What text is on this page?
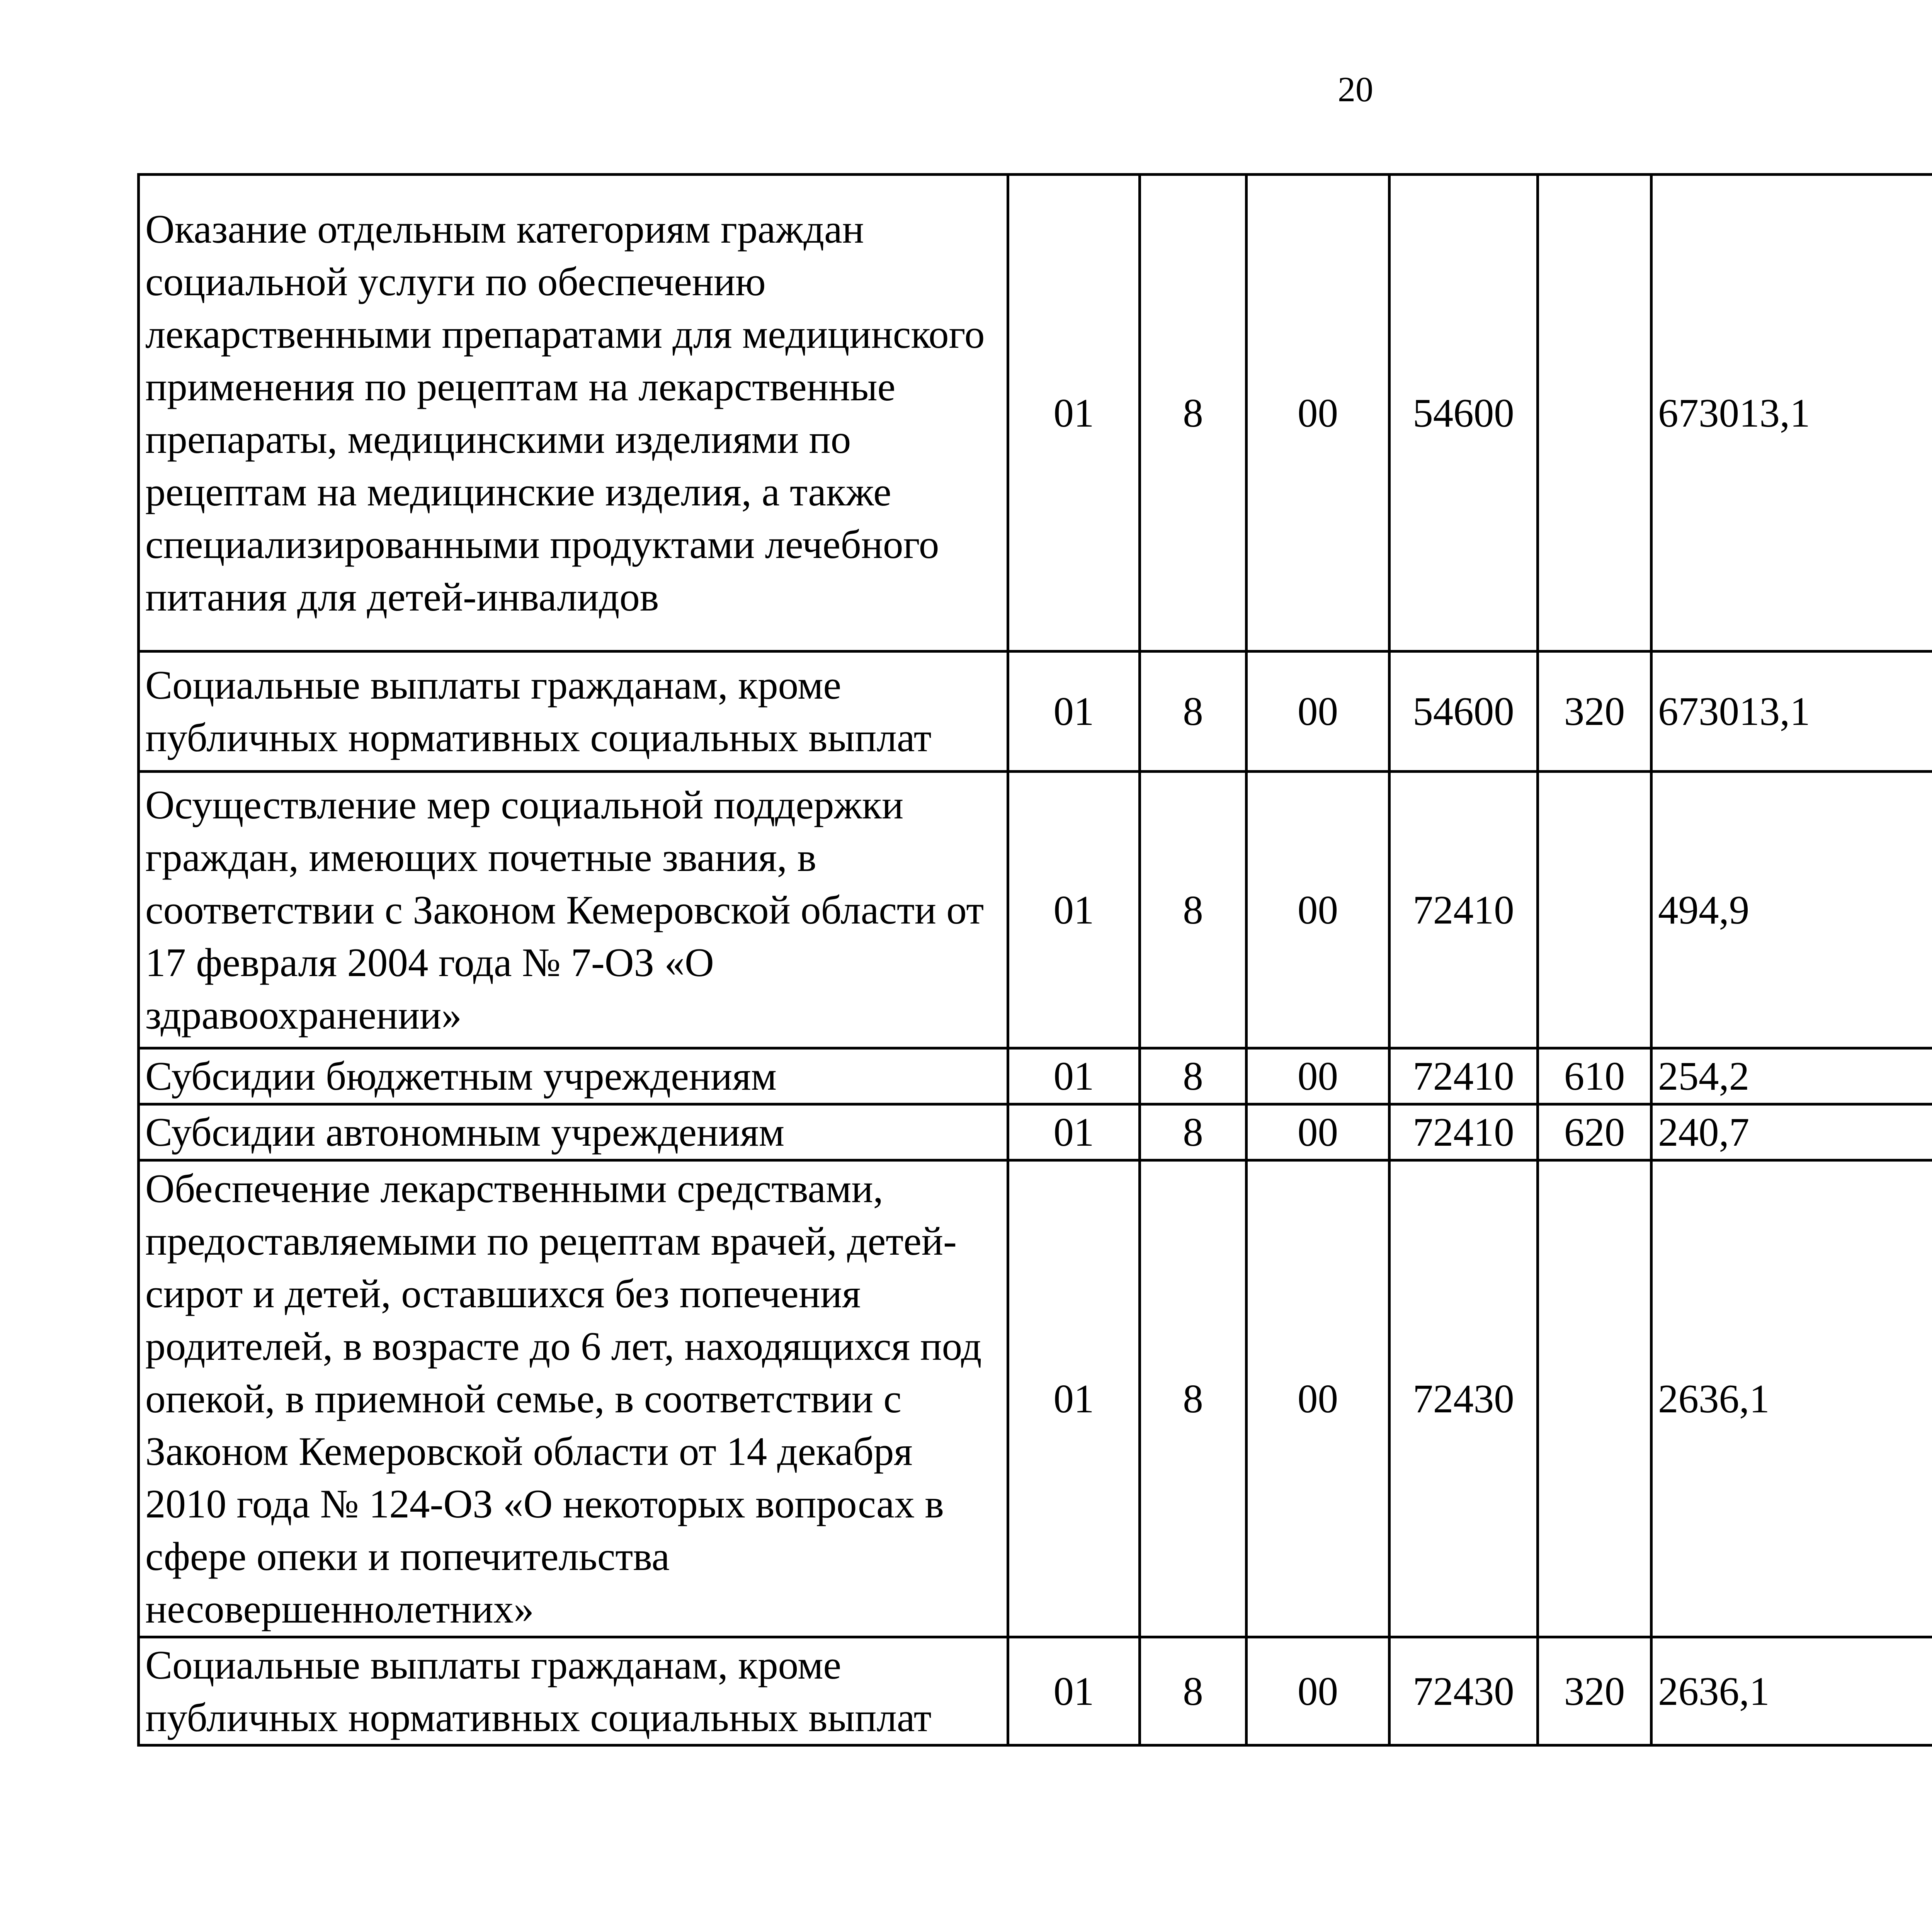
20
Оказание отдельным категориям граждан социальной услуги по обеспечению лекарственными препаратами для медицинского применения по рецептам на лекарственные препараты, медицинскими изделиями по рецептам на медицинские изделия, а также специализированными продуктами лечебного питания для детей-инвалидов	01	8	00	54600		673013,1		
Социальные выплаты гражданам, кроме публичных нормативных социальных выплат	01	8	00	54600	320	673013,1		
Осуществление мер социальной поддержки граждан, имеющих почетные звания, в соответствии с Законом Кемеровской области от 17 февраля 2004 года № 7-ОЗ «О здравоохранении»	01	8	00	72410		494,9		
Субсидии бюджетным учреждениям	01	8	00	72410	610	254,2		
Субсидии автономным учреждениям	01	8	00	72410	620	240,7		
Обеспечение лекарственными средствами, предоставляемыми по рецептам врачей, детей-сирот и детей, оставшихся без попечения родителей, в возрасте до 6 лет, находящихся под опекой, в приемной семье, в соответствии с Законом Кемеровской области от 14 декабря 2010 года № 124-ОЗ «О некоторых вопросах в сфере опеки и попечительства несовершеннолетних»	01	8	00	72430		2636,1		
Социальные выплаты гражданам, кроме публичных нормативных социальных выплат	01	8	00	72430	320	2636,1		
